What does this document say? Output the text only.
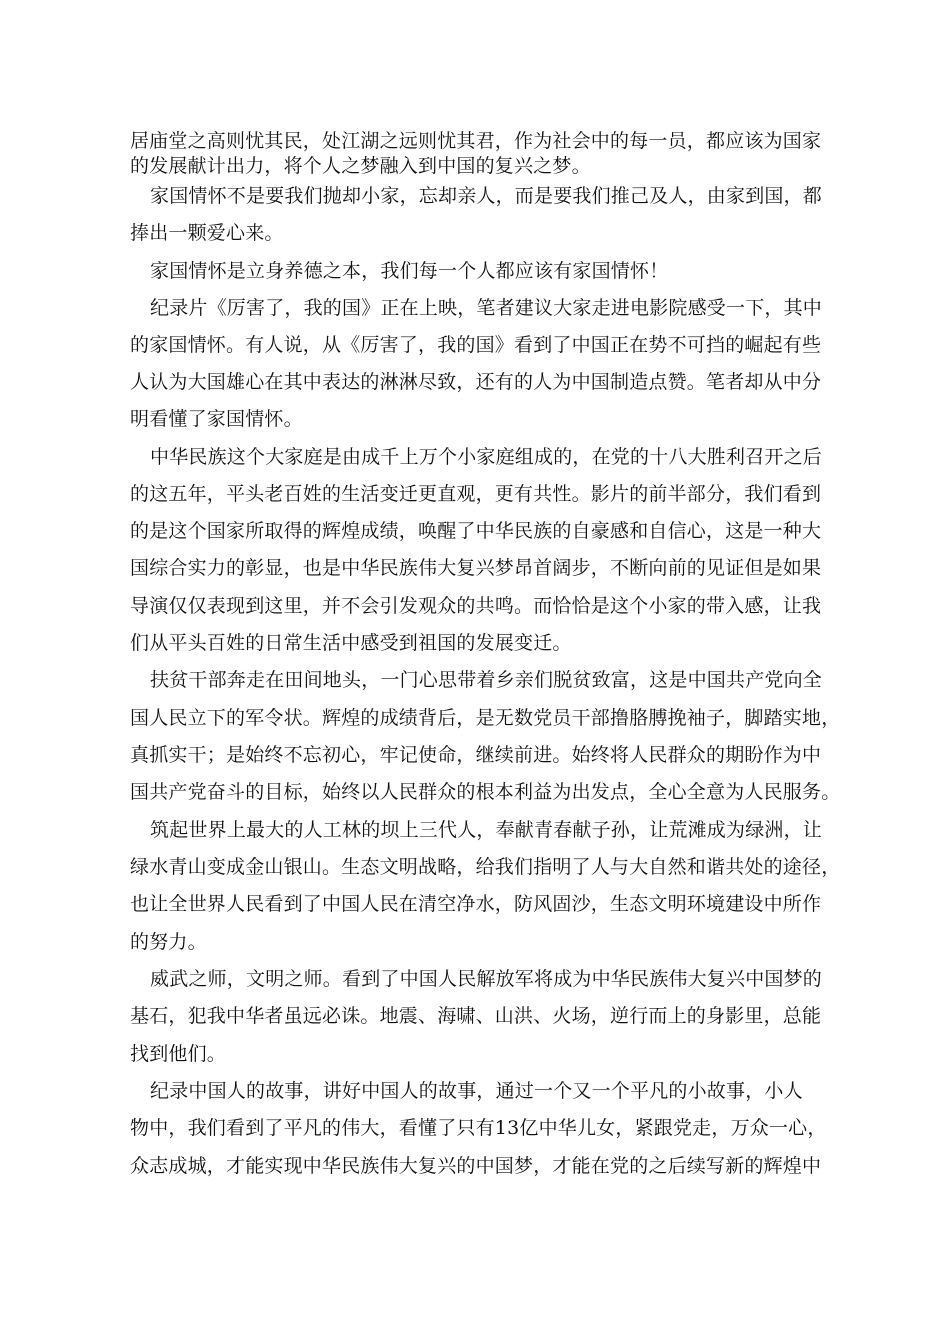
居庙堂之高则忧其民，处江湖之远则忧其君，作为社会中的每一员，都应该为国家
的发展献计出力，将个人之梦融入到中国的复兴之梦。
家国情怀不是要我们抛却小家，忘却亲人，而是要我们推己及人，由家到国，都
捧出一颗爱心来。
家国情怀是立身养德之本，我们每一个人都应该有家国情怀！
纪录片《厉害了，我的国》正在上映，笔者建议大家走进电影院感受一下，其中
的家国情怀。有人说，从《厉害了，我的国》看到了中国正在势不可挡的崛起有些
人认为大国雄心在其中表达的淋淋尽致，还有的人为中国制造点赞。笔者却从中分
明看懂了家国情怀。
中华民族这个大家庭是由成千上万个小家庭组成的，在党的十八大胜利召开之后
的这五年，平头老百姓的生活变迁更直观，更有共性。影片的前半部分，我们看到
的是这个国家所取得的辉煌成绩，唤醒了中华民族的自豪感和自信心，这是一种大
国综合实力的彰显，也是中华民族伟大复兴梦昂首阔步，不断向前的见证但是如果
导演仅仅表现到这里，并不会引发观众的共鸣。而恰恰是这个小家的带入感，让我
们从平头百姓的日常生活中感受到祖国的发展变迁。
扶贫干部奔走在田间地头，一门心思带着乡亲们脱贫致富，这是中国共产党向全
国人民立下的军令状。辉煌的成绩背后，是无数党员干部撸胳膊挽袖子，脚踏实地，
真抓实干；是始终不忘初心，牢记使命，继续前进。始终将人民群众的期盼作为中
国共产党奋斗的目标，始终以人民群众的根本利益为出发点，全心全意为人民服务。
筑起世界上最大的人工林的坝上三代人，奉献青春献子孙，让荒滩成为绿洲，让
绿水青山变成金山银山。生态文明战略，给我们指明了人与大自然和谐共处的途径，
也让全世界人民看到了中国人民在清空净水，防风固沙，生态文明环境建设中所作
的努力。
威武之师，文明之师。看到了中国人民解放军将成为中华民族伟大复兴中国梦的
基石，犯我中华者虽远必诛。地震、海啸、山洪、火场，逆行而上的身影里，总能
找到他们。
纪录中国人的故事，讲好中国人的故事，通过一个又一个平凡的小故事，小人
物中，我们看到了平凡的伟大，看懂了只有13亿中华儿女，紧跟党走，万众一心，
众志成城，才能实现中华民族伟大复兴的中国梦，才能在党的之后续写新的辉煌中
